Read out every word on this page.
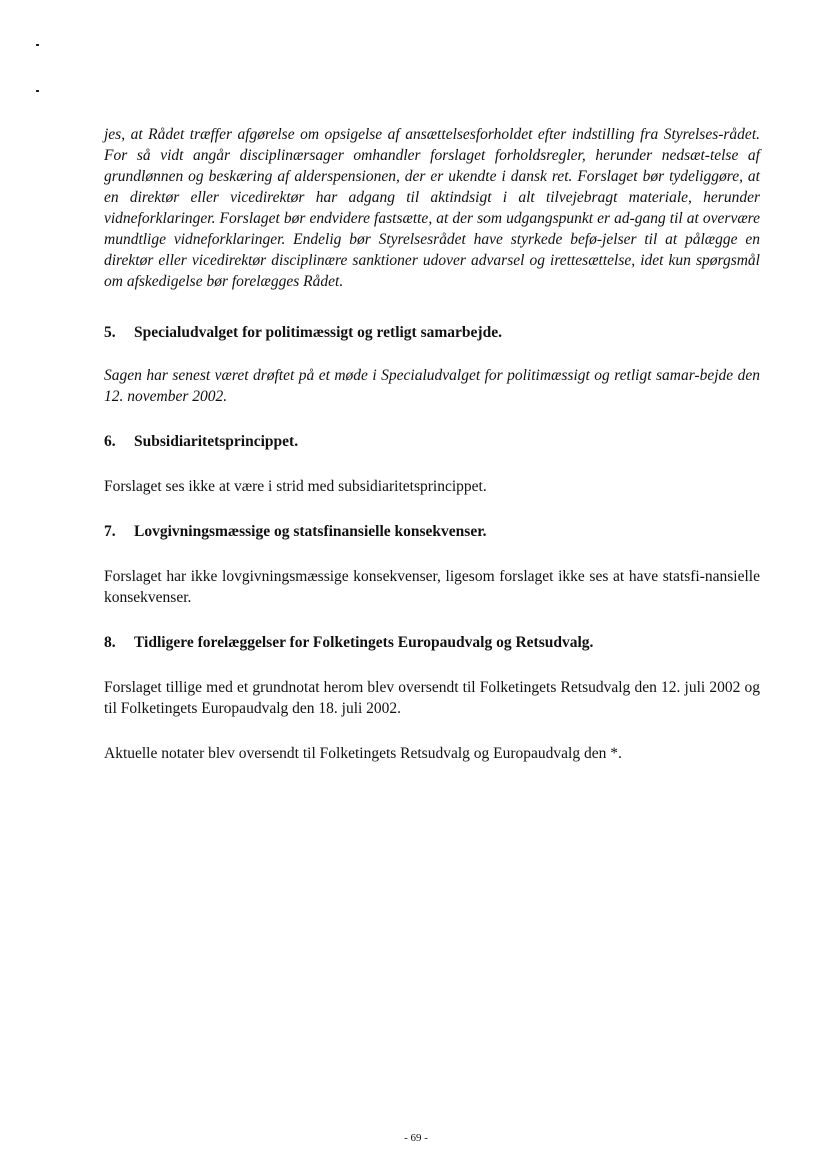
jes, at Rådet træffer afgørelse om opsigelse af ansættelsesforholdet efter indstilling fra Styrelses-rådet. For så vidt angår disciplinærsager omhandler forslaget forholdsregler, herunder nedsæt-telse af grundlønnen og beskæring af alderspensionen, der er ukendte i dansk ret. Forslaget bør tydeliggøre, at en direktør eller vicedirektør har adgang til aktindsigt i alt tilvejebragt materiale, herunder vidneforklaringer. Forslaget bør endvidere fastsætte, at der som udgangspunkt er ad-gang til at overvære mundtlige vidneforklaringer. Endelig bør Styrelsesrådet have styrkede befø-jelser til at pålægge en direktør eller vicedirektør disciplinære sanktioner udover advarsel og irettesættelse, idet kun spørgsmål om afskedigelse bør forelægges Rådet.

5.	Specialudvalget for politimæssigt og retligt samarbejde.

Sagen har senest været drøftet på et møde i Specialudvalget for politimæssigt og retligt samar-bejde den 12. november 2002.

6.	Subsidiaritetsprincippet.

Forslaget ses ikke at være i strid med subsidiaritetsprincippet.

7.	Lovgivningsmæssige og statsfinansielle konsekvenser.

Forslaget har ikke lovgivningsmæssige konsekvenser, ligesom forslaget ikke ses at have statsfi-nansielle konsekvenser.

8.	Tidligere forelæggelser for Folketingets Europaudvalg og Retsudvalg.

Forslaget tillige med et grundnotat herom blev oversendt til Folketingets Retsudvalg den 12. juli 2002 og til Folketingets Europaudvalg den 18. juli 2002.

Aktuelle notater blev oversendt til Folketingets Retsudvalg og Europaudvalg den *.

- 69 -
